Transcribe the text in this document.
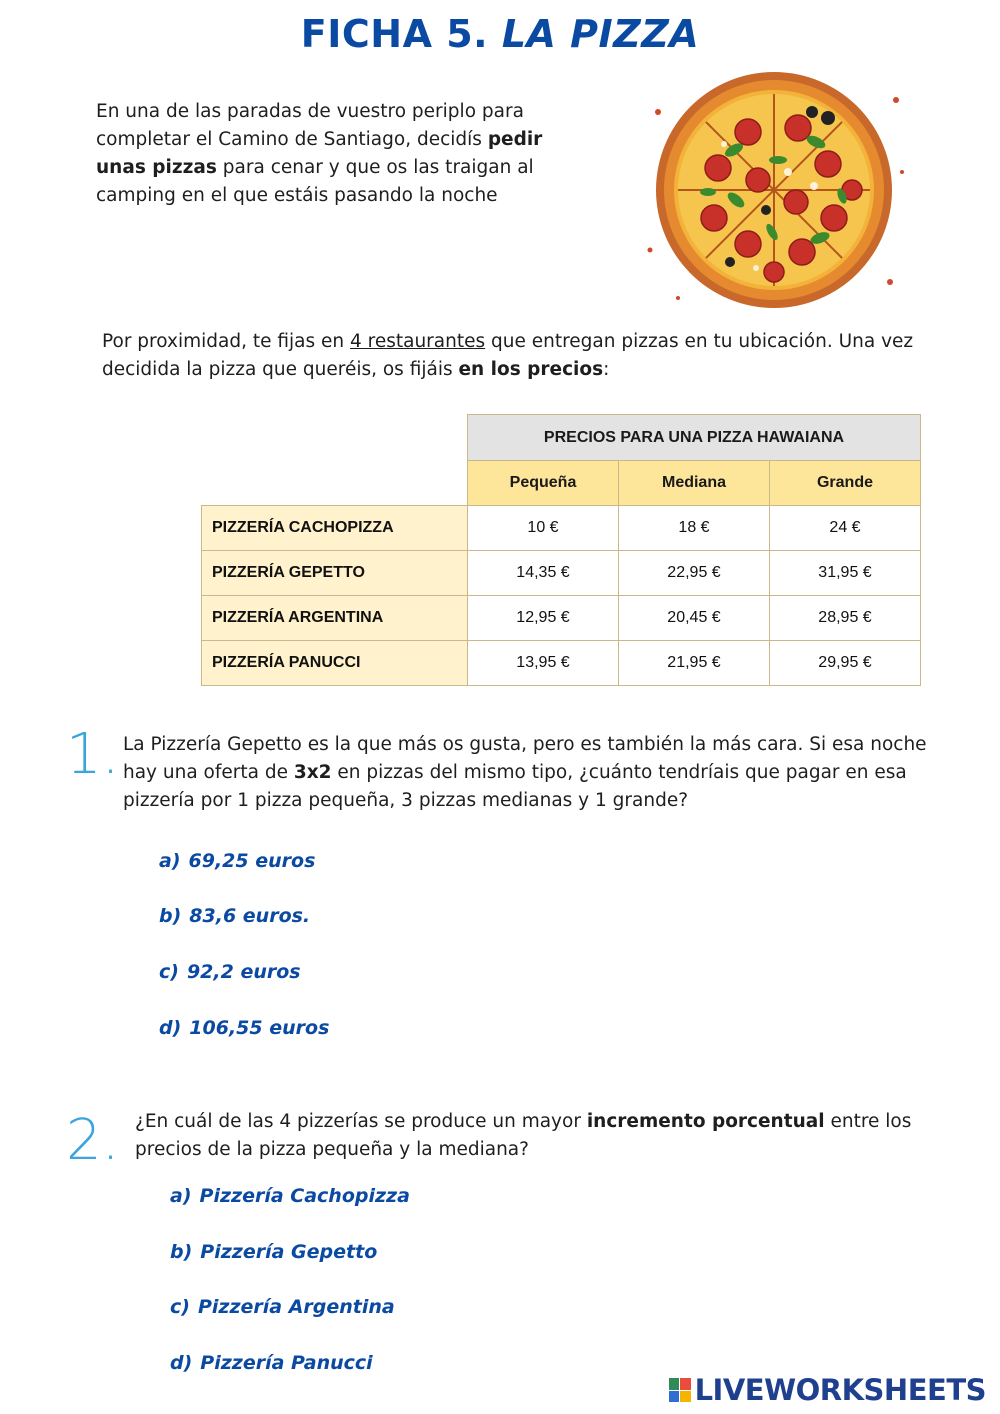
FICHA 5. LA PIZZA
En una de las paradas de vuestro periplo para completar el Camino de Santiago, decidís pedir unas pizzas para cenar y que os las traigan al camping en el que estáis pasando la noche
Por proximidad, te fijas en 4 restaurantes que entregan pizzas en tu ubicación. Una vez decidida la pizza que queréis, os fijáis en los precios:
	PRECIOS PARA UNA PIZZA HAWAIANA		
	Pequeña	Mediana	Grande
PIZZERÍA CACHOPIZZA	10 €	18 €	24 €
PIZZERÍA GEPETTO	14,35 €	22,95 €	31,95 €
PIZZERÍA ARGENTINA	12,95 €	20,45 €	28,95 €
PIZZERÍA PANUCCI	13,95 €	21,95 €	29,95 €
1. La Pizzería Gepetto es la que más os gusta, pero es también la más cara. Si esa noche hay una oferta de 3x2 en pizzas del mismo tipo, ¿cuánto tendríais que pagar en esa pizzería por 1 pizza pequeña, 3 pizzas medianas y 1 grande?
a) 69,25 euros
b) 83,6 euros.
c) 92,2 euros
d) 106,55 euros
2. ¿En cuál de las 4 pizzerías se produce un mayor incremento porcentual entre los precios de la pizza pequeña y la mediana?
a) Pizzería Cachopizza
b) Pizzería Gepetto
c) Pizzería Argentina
d) Pizzería Panucci
LIVEWORKSHEETS
